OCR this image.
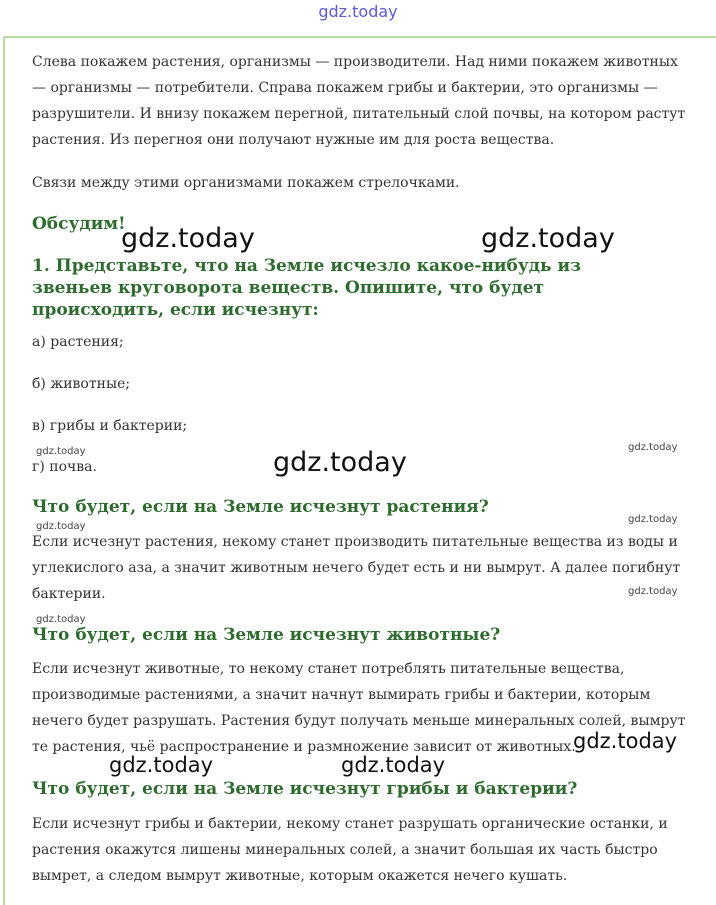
gdz.today

Слева покажем растения, организмы — производители. Над ними покажем животных — организмы — потребители. Справа покажем грибы и бактерии, это организмы — разрушители. И внизу покажем перегной, питательный слой почвы, на котором растут растения. Из перегноя они получают нужные им для роста вещества.

Связи между этими организмами покажем стрелочками.

Обсудим!
1. Представьте, что на Земле исчезло какое-нибудь из звеньев круговорота веществ. Опишите, что будет происходить, если исчезнут:
а) растения;
б) животные;
в) грибы и бактерии;
г) почва.
Что будет, если на Земле исчезнут растения?

Если исчезнут растения, некому станет производить питательные вещества из воды и углекислого аза, а значит животным нечего будет есть и ни вымрут. А далее погибнут бактерии.

Что будет, если на Земле исчезнут животные?

Если исчезнут животные, то некому станет потреблять питательные вещества, производимые растениями, а значит начнут вымирать грибы и бактерии, которым нечего будет разрушать. Растения будут получать меньше минеральных солей, вымрут те растения, чьё распространение и размножение зависит от животных.

Что будет, если на Земле исчезнут грибы и бактерии?

Если исчезнут грибы и бактерии, некому станет разрушать органические останки, и растения окажутся лишены минеральных солей, а значит большая их часть быстро вымрет, а следом вымрут животные, которым окажется нечего кушать.

gdz.today	gdz.today
gdz.today
gdz.today
gdz.today	gdz.today
gdz.today	gdz.today
gdz.today
gdz.today
gdz.today
gdz.today
